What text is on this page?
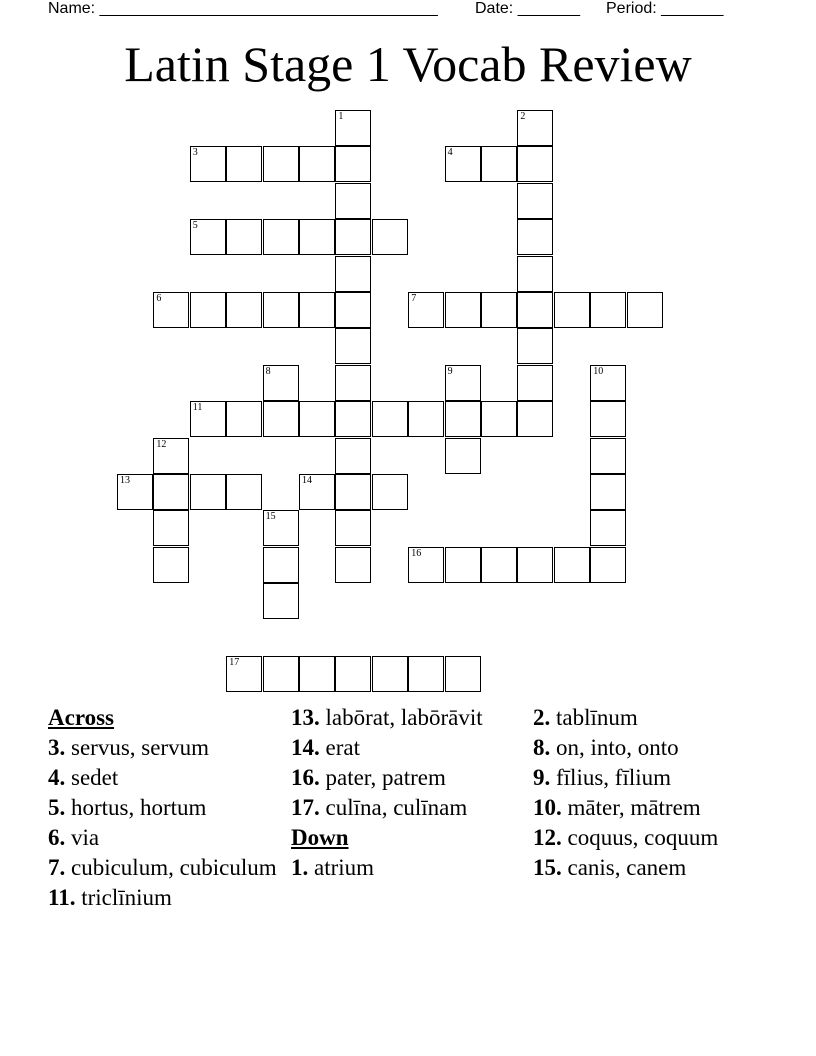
Name: ______________________________________ Date: _______ Period: _______
Latin Stage 1 Vocab Review
1	2
3	4
5
6	7
8	9	10
11
12
13	14
15
16
17
Across
3. servus, servum
4. sedet
5. hortus, hortum
6. via
7. cubiculum, cubiculum
11. triclīnium
13. labōrat, labōrāvit
14. erat
16. pater, patrem
17. culīna, culīnam
Down
1. atrium
2. tablīnum
8. on, into, onto
9. fīlius, fīlium
10. māter, mātrem
12. coquus, coquum
15. canis, canem
